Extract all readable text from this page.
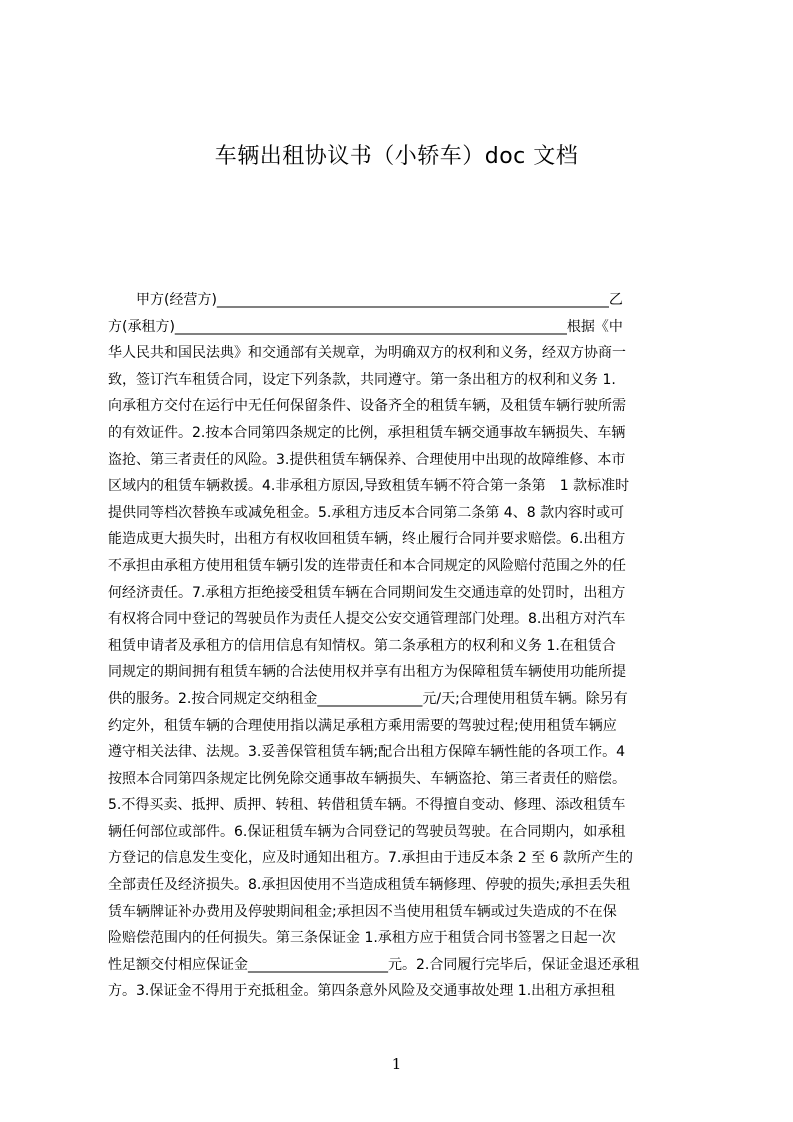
车辆出租协议书（小轿车）doc 文档
　　甲方(经营方)________________________________________________________乙
方(承租方)________________________________________________________根据《中
华人民共和国民法典》和交通部有关规章，为明确双方的权利和义务，经双方协商一
致，签订汽车租赁合同，设定下列条款，共同遵守。第一条出租方的权利和义务 1.
向承租方交付在运行中无任何保留条件、设备齐全的租赁车辆，及租赁车辆行驶所需
的有效证件。2.按本合同第四条规定的比例，承担租赁车辆交通事故车辆损失、车辆
盗抢、第三者责任的风险。3.提供租赁车辆保养、合理使用中出现的故障维修、本市
区域内的租赁车辆救援。4.非承租方原因,导致租赁车辆不符合第一条第　1 款标准时
提供同等档次替换车或减免租金。5.承租方违反本合同第二条第 4、8 款内容时或可
能造成更大损失时，出租方有权收回租赁车辆，终止履行合同并要求赔偿。6.出租方
不承担由承租方使用租赁车辆引发的连带责任和本合同规定的风险赔付范围之外的任
何经济责任。7.承租方拒绝接受租赁车辆在合同期间发生交通违章的处罚时，出租方
有权将合同中登记的驾驶员作为责任人提交公安交通管理部门处理。8.出租方对汽车
租赁申请者及承租方的信用信息有知情权。第二条承租方的权利和义务 1.在租赁合
同规定的期间拥有租赁车辆的合法使用权并享有出租方为保障租赁车辆使用功能所提
供的服务。2.按合同规定交纳租金_______________元/天;合理使用租赁车辆。除另有
约定外，租赁车辆的合理使用指以满足承租方乘用需要的驾驶过程;使用租赁车辆应
遵守相关法律、法规。3.妥善保管租赁车辆;配合出租方保障车辆性能的各项工作。4
按照本合同第四条规定比例免除交通事故车辆损失、车辆盗抢、第三者责任的赔偿。
5.不得买卖、抵押、质押、转租、转借租赁车辆。不得擅自变动、修理、添改租赁车
辆任何部位或部件。6.保证租赁车辆为合同登记的驾驶员驾驶。在合同期内，如承租
方登记的信息发生变化，应及时通知出租方。7.承担由于违反本条 2 至 6 款所产生的
全部责任及经济损失。8.承担因使用不当造成租赁车辆修理、停驶的损失;承担丢失租
赁车辆牌证补办费用及停驶期间租金;承担因不当使用租赁车辆或过失造成的不在保
险赔偿范围内的任何损失。第三条保证金 1.承租方应于租赁合同书签署之日起一次
性足额交付相应保证金____________________元。2.合同履行完毕后，保证金退还承租
方。3.保证金不得用于充抵租金。第四条意外风险及交通事故处理 1.出租方承担租
1
